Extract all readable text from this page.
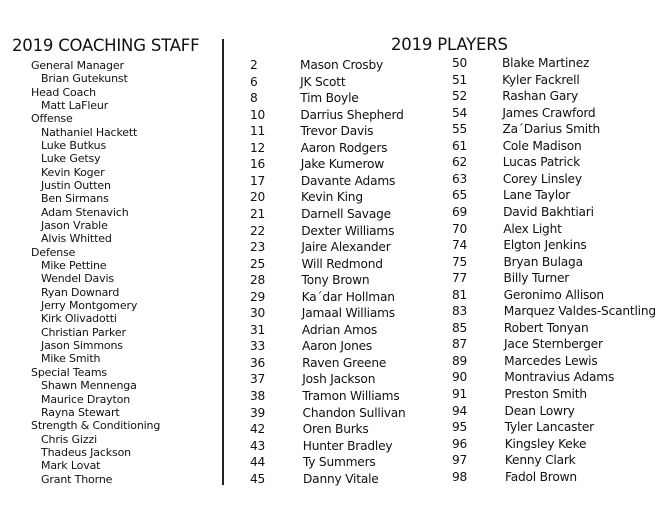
2019 COACHING STAFF
General Manager
Brian Gutekunst
Head Coach
Matt LaFleur
Offense
Nathaniel Hackett
Luke Butkus
Luke Getsy
Kevin Koger
Justin Outten
Ben Sirmans
Adam Stenavich
Jason Vrable
Alvis Whitted
Defense
Mike Pettine
Wendel Davis
Ryan Downard
Jerry Montgomery
Kirk Olivadotti
Christian Parker
Jason Simmons
Mike Smith
Special Teams
Shawn Mennenga
Maurice Drayton
Rayna Stewart
Strength & Conditioning
Chris Gizzi
Thadeus Jackson
Mark Lovat
Grant Thorne
2019 PLAYERS
2	Mason Crosby
6	JK Scott
8	Tim Boyle
10	Darrius Shepherd
11	Trevor Davis
12	Aaron Rodgers
16	Jake Kumerow
17	Davante Adams
20	Kevin King
21	Darnell Savage
22	Dexter Williams
23	Jaire Alexander
25	Will Redmond
28	Tony Brown
29	Ka´dar Hollman
30	Jamaal Williams
31	Adrian Amos
33	Aaron Jones
36	Raven Greene
37	Josh Jackson
38	Tramon Williams
39	Chandon Sullivan
42	Oren Burks
43	Hunter Bradley
44	Ty Summers
45	Danny Vitale
50	Blake Martinez
51	Kyler Fackrell
52	Rashan Gary
54	James Crawford
55	Za´Darius Smith
61	Cole Madison
62	Lucas Patrick
63	Corey Linsley
65	Lane Taylor
69	David Bakhtiari
70	Alex Light
74	Elgton Jenkins
75	Bryan Bulaga
77	Billy Turner
81	Geronimo Allison
83	Marquez Valdes-Scantling
85	Robert Tonyan
87	Jace Sternberger
89	Marcedes Lewis
90	Montravius Adams
91	Preston Smith
94	Dean Lowry
95	Tyler Lancaster
96	Kingsley Keke
97	Kenny Clark
98	Fadol Brown
